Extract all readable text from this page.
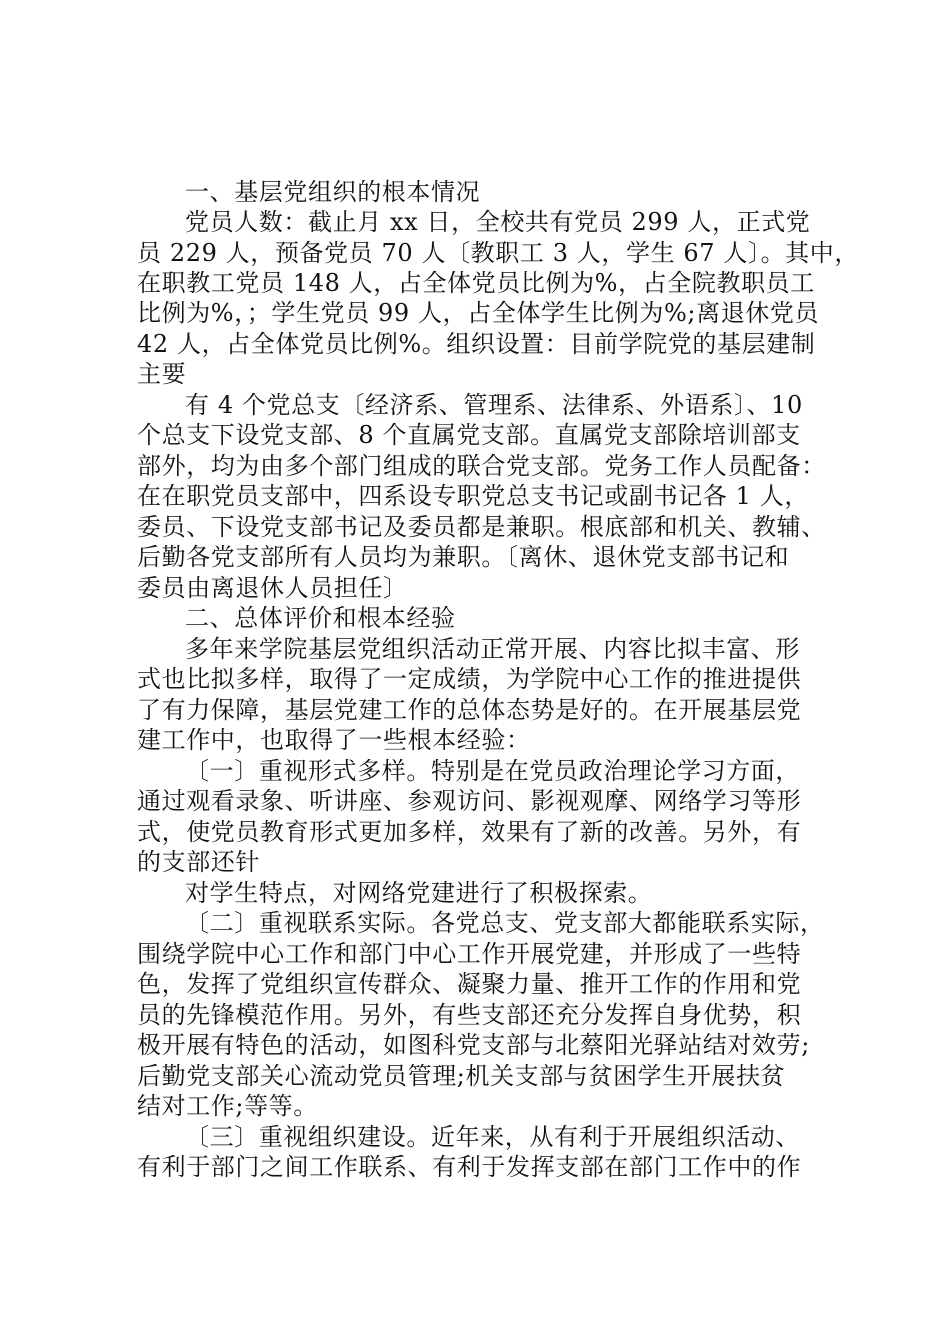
一、基层党组织的根本情况
党员人数：截止月 xx 日，全校共有党员 299 人，正式党
员 229 人，预备党员 70 人〔教职工 3 人，学生 67 人〕。其中，
在职教工党员 148 人，占全体党员比例为%，占全院教职员工
比例为%，；学生党员 99 人，占全体学生比例为%;离退休党员
42 人，占全体党员比例%。组织设置：目前学院党的基层建制
主要
有 4 个党总支〔经济系、管理系、法律系、外语系〕、10
个总支下设党支部、8 个直属党支部。直属党支部除培训部支
部外，均为由多个部门组成的联合党支部。党务工作人员配备：
在在职党员支部中，四系设专职党总支书记或副书记各 1 人，
委员、下设党支部书记及委员都是兼职。根底部和机关、教辅、
后勤各党支部所有人员均为兼职。〔离休、退休党支部书记和
委员由离退休人员担任〕
二、总体评价和根本经验
多年来学院基层党组织活动正常开展、内容比拟丰富、形
式也比拟多样，取得了一定成绩，为学院中心工作的推进提供
了有力保障，基层党建工作的总体态势是好的。在开展基层党
建工作中，也取得了一些根本经验：
〔一〕重视形式多样。特别是在党员政治理论学习方面，
通过观看录象、听讲座、参观访问、影视观摩、网络学习等形
式，使党员教育形式更加多样，效果有了新的改善。另外，有
的支部还针
对学生特点，对网络党建进行了积极探索。
〔二〕重视联系实际。各党总支、党支部大都能联系实际，
围绕学院中心工作和部门中心工作开展党建，并形成了一些特
色，发挥了党组织宣传群众、凝聚力量、推开工作的作用和党
员的先锋模范作用。另外，有些支部还充分发挥自身优势，积
极开展有特色的活动，如图科党支部与北蔡阳光驿站结对效劳;
后勤党支部关心流动党员管理;机关支部与贫困学生开展扶贫
结对工作;等等。
〔三〕重视组织建设。近年来，从有利于开展组织活动、
有利于部门之间工作联系、有利于发挥支部在部门工作中的作
